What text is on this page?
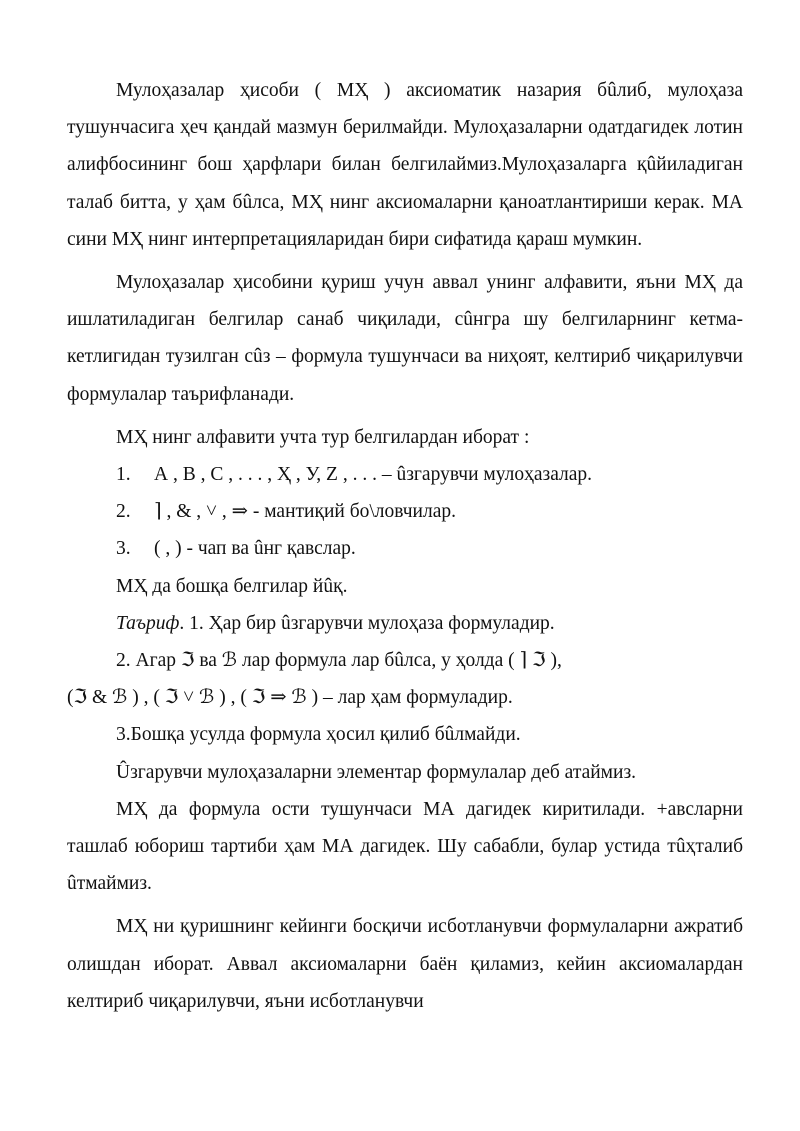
Мулоҳазалар ҳисоби ( МҲ ) аксиоматик назария бûлиб, мулоҳаза тушунчасига ҳеч қандай мазмун берилмайди. Мулоҳазаларни одатдагидек лотин алифбосининг бош ҳарфлари билан белгилаймиз.Мулоҳазаларга қûйиладиган талаб битта, у ҳам бûлса, МҲ нинг аксиомаларни қаноатлантириши керак. МА сини МҲ нинг интерпретацияларидан бири сифатида қараш мумкин.

Мулоҳазалар ҳисобини қуриш учун аввал унинг алфавити, яъни МҲ да ишлатиладиган белгилар санаб чиқилади, сûнгра шу белгиларнинг кетма-кетлигидан тузилган сûз – формула тушунчаси ва ниҳоят, келтириб чиқарилувчи формулалар таърифланади.

МҲ нинг алфавити учта тур белгилардан иборат :
1. А , В , С , . . . , Ҳ , У, Z , . . . – ûзгарувчи мулоҳазалар.
2. ⌉ , & , ˅ , ⇒ - мантиқий бо\ловчилар.
3. ( , ) - чап ва ûнг қавслар.
МҲ да бошқа белгилар йûқ.
Таъриф. 1. Ҳар бир ûзгарувчи мулоҳаза формуладир.
2. Агар ℑ ва ℬ лар формула лар бûлса, у ҳолда ( ⌉ ℑ ),
(ℑ & ℬ ) , ( ℑ ˅ ℬ ) , ( ℑ ⇒ ℬ ) – лар ҳам формуладир.
3.Бошқа усулда формула ҳосил қилиб бûлмайди.
Ûзгарувчи мулоҳазаларни элементар формулалар деб атаймиз.

МҲ да формула ости тушунчаси МА дагидек киритилади. +авсларни ташлаб юбориш тартиби ҳам МА дагидек. Шу сабабли, булар устида тûҳталиб ûтмаймиз.

МҲ ни қуришнинг кейинги босқичи исботланувчи формулаларни ажратиб олишдан иборат. Аввал аксиомаларни баён қиламиз, кейин аксиомалардан келтириб чиқарилувчи, яъни исботланувчи
